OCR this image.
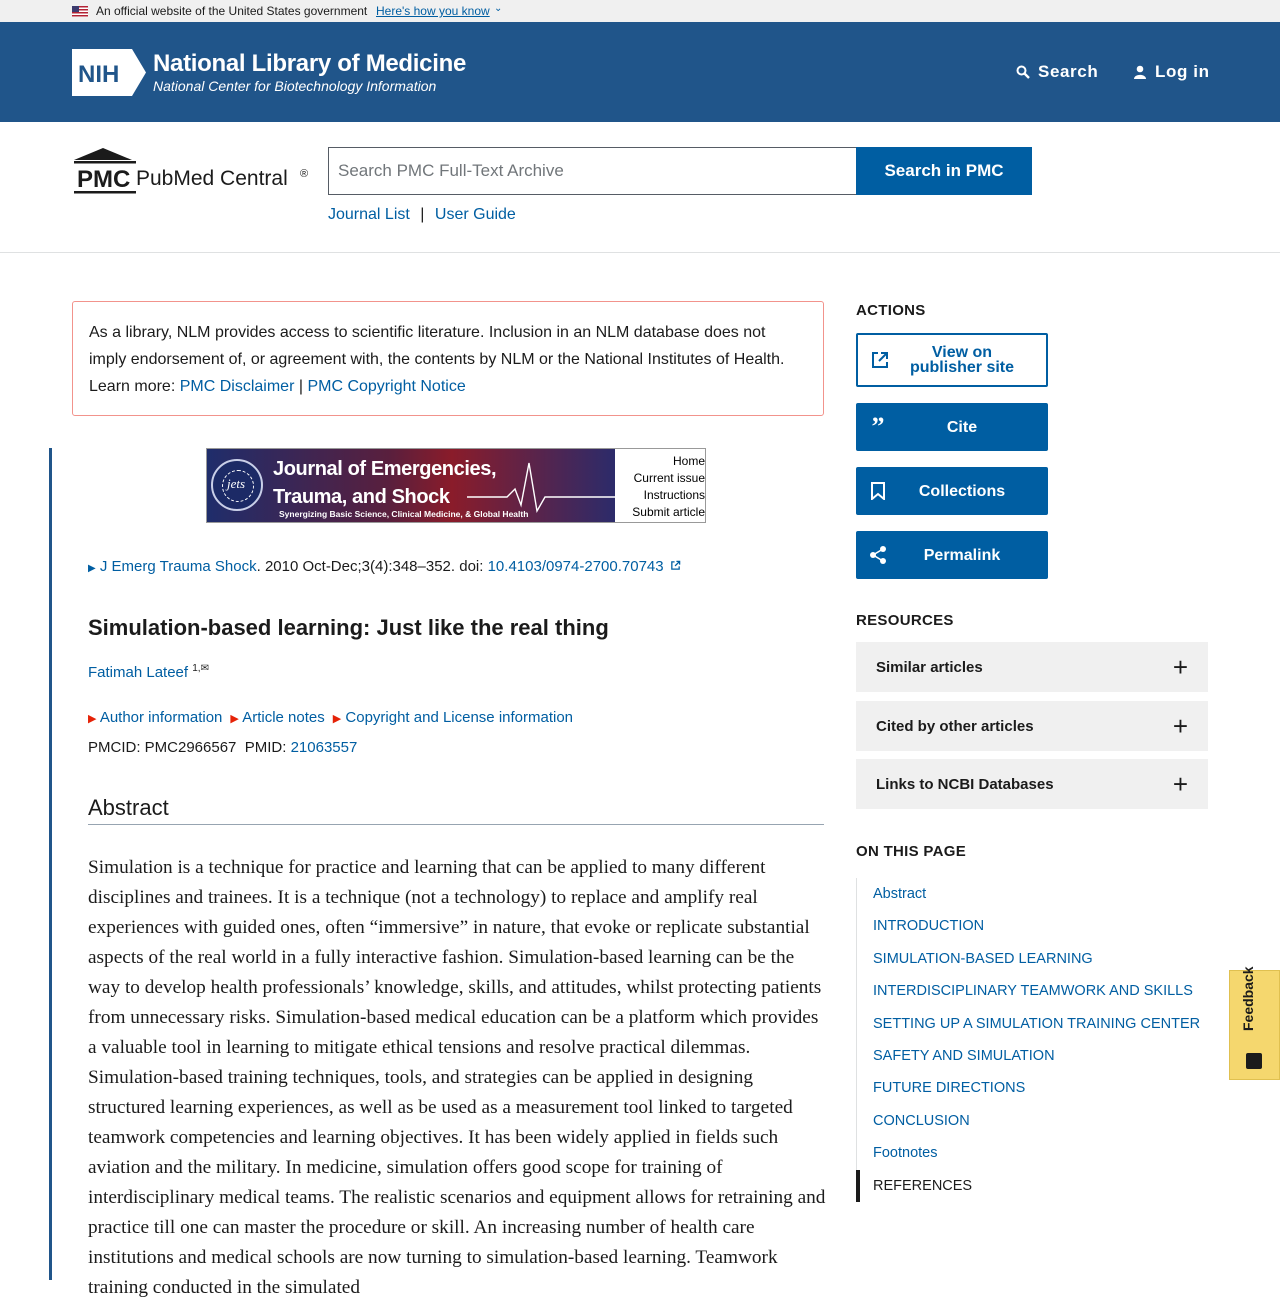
An official website of the United States government Here's how you know ⌄
NIH National Library of Medicine
National Center for Biotechnology Information
Search	Log in
PMC PubMed Central ®
Search PMC Full-Text Archive	Search in PMC
Journal List | User Guide
As a library, NLM provides access to scientific literature. Inclusion in an NLM database does not imply endorsement of, or agreement with, the contents by NLM or the National Institutes of Health.
Learn more: PMC Disclaimer | PMC Copyright Notice
jets
Journal of Emergencies,
Trauma, and Shock
Synergizing Basic Science, Clinical Medicine, & Global Health
Home
Current issue
Instructions
Submit article
▶ J Emerg Trauma Shock. 2010 Oct-Dec;3(4):348–352. doi: 10.4103/0974-2700.70743
Simulation-based learning: Just like the real thing
Fatimah Lateef $^{1,✉}$
▶ Author information ▶ Article notes ▶ Copyright and License information
PMCID: PMC2966567 PMID: 21063557
Abstract

Simulation is a technique for practice and learning that can be applied to many different disciplines and trainees. It is a technique (not a technology) to replace and amplify real experiences with guided ones, often “immersive” in nature, that evoke or replicate substantial aspects of the real world in a fully interactive fashion. Simulation-based learning can be the way to develop health professionals’ knowledge, skills, and attitudes, whilst protecting patients from unnecessary risks. Simulation-based medical education can be a platform which provides a valuable tool in learning to mitigate ethical tensions and resolve practical dilemmas. Simulation-based training techniques, tools, and strategies can be applied in designing structured learning experiences, as well as be used as a measurement tool linked to targeted teamwork competencies and learning objectives. It has been widely applied in fields such aviation and the military. In medicine, simulation offers good scope for training of interdisciplinary medical teams. The realistic scenarios and equipment allows for retraining and practice till one can master the procedure or skill. An increasing number of health care institutions and medical schools are now turning to simulation-based learning. Teamwork training conducted in the simulated

ACTIONS
View on
publisher site
”	Cite
Collections
Permalink
RESOURCES
Similar articles	+
Cited by other articles	+
Links to NCBI Databases	+
ON THIS PAGE
Abstract
INTRODUCTION
SIMULATION-BASED LEARNING
INTERDISCIPLINARY TEAMWORK AND SKILLS
SETTING UP A SIMULATION TRAINING CENTER
SAFETY AND SIMULATION
FUTURE DIRECTIONS
CONCLUSION
Footnotes
REFERENCES
Feedback
